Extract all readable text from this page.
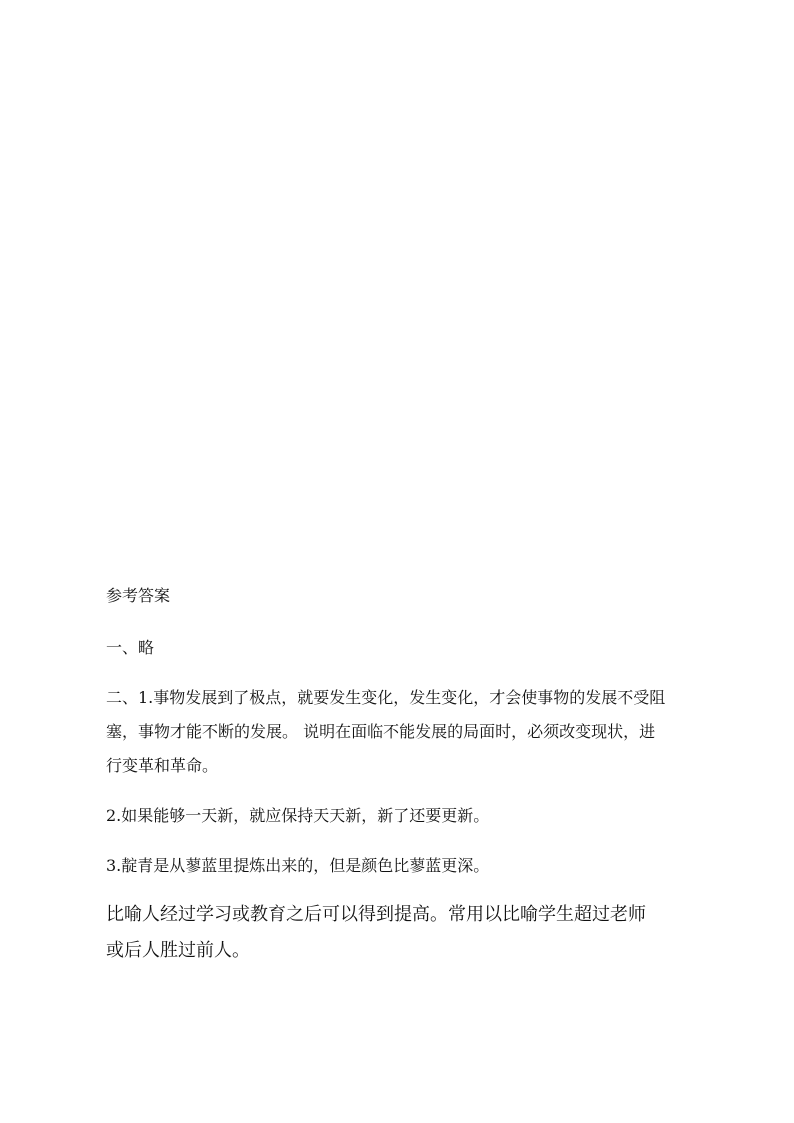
参考答案

一、略

二、1.事物发展到了极点，就要发生变化，发生变化，才会使事物的发展不受阻
塞，事物才能不断的发展。 说明在面临不能发展的局面时，必须改变现状，进
行变革和革命。

2.如果能够一天新，就应保持天天新，新了还要更新。

3.靛青是从蓼蓝里提炼出来的，但是颜色比蓼蓝更深。

比喻人经过学习或教育之后可以得到提高。常用以比喻学生超过老师
或后人胜过前人。
